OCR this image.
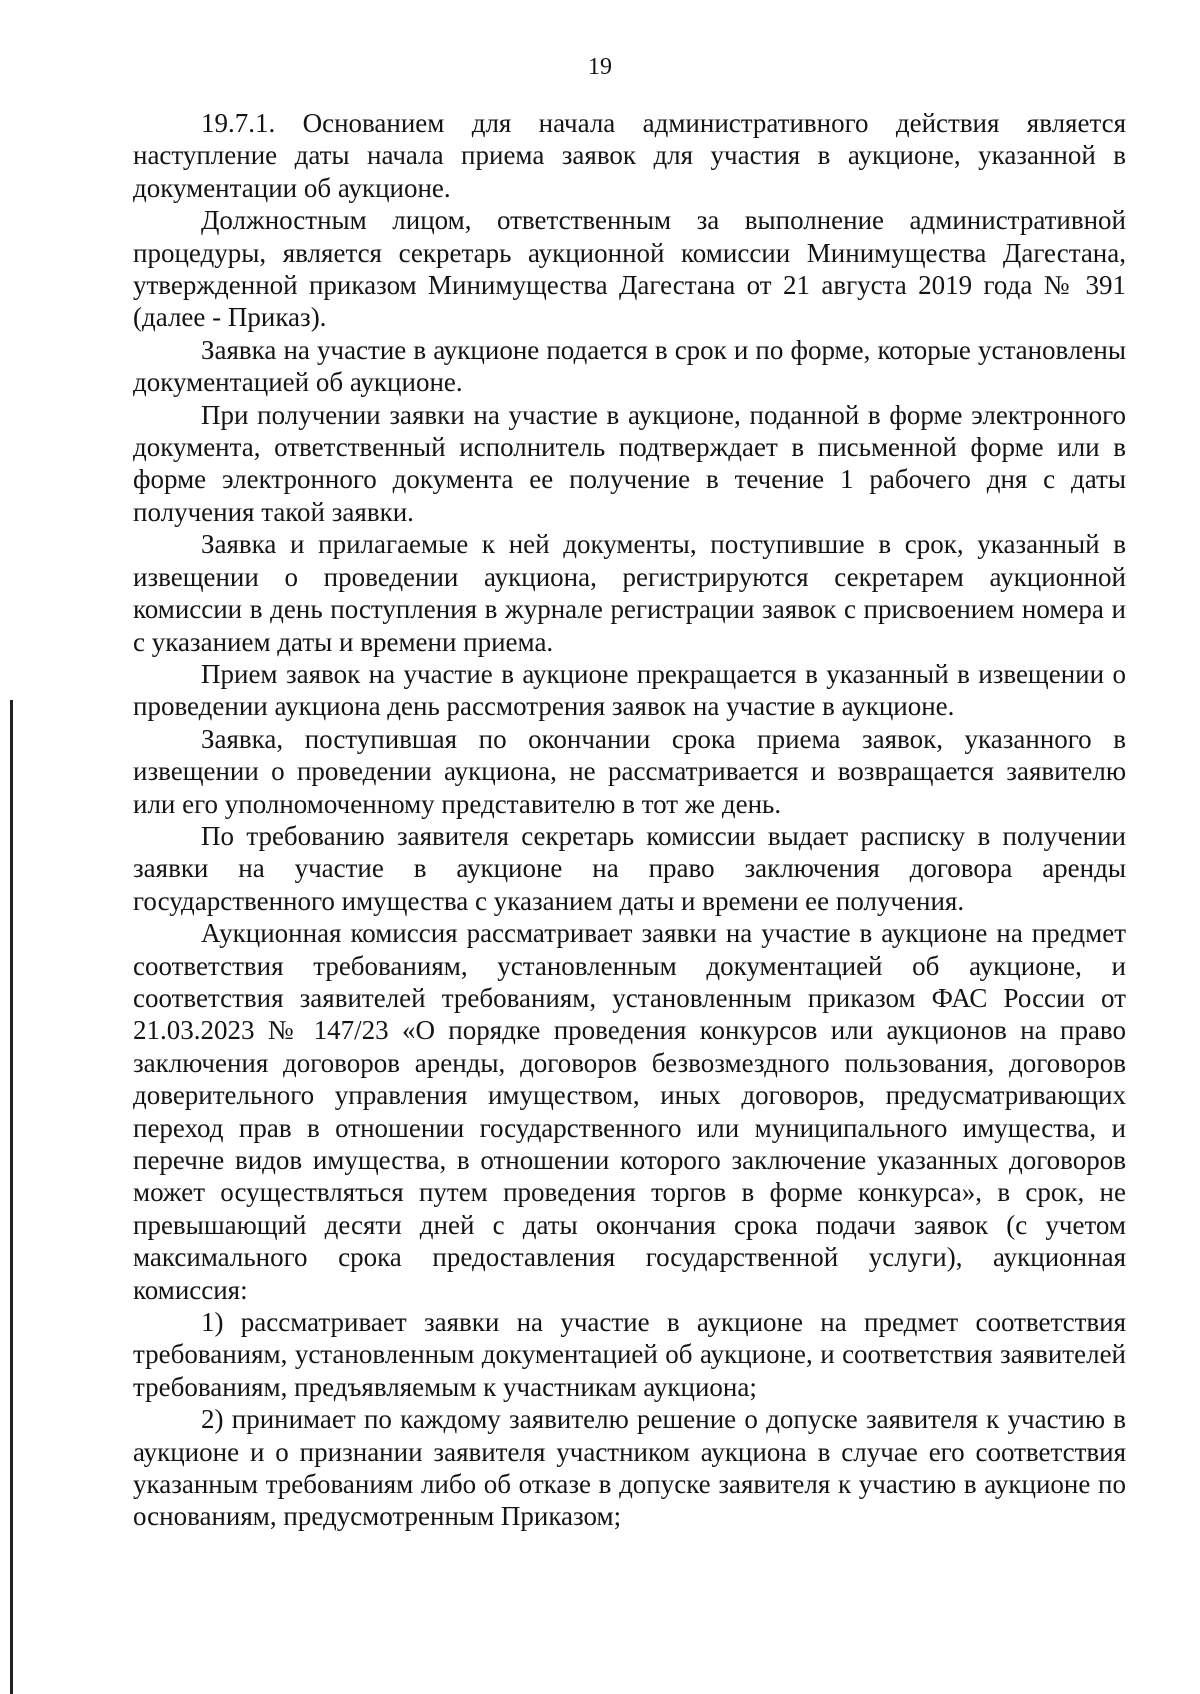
19

19.7.1. Основанием для начала административного действия является наступление даты начала приема заявок для участия в аукционе, указанной в документации об аукционе.

Должностным лицом, ответственным за выполнение административной процедуры, является секретарь аукционной комиссии Минимущества Дагестана, утвержденной приказом Минимущества Дагестана от 21 августа 2019 года № 391 (далее - Приказ).

Заявка на участие в аукционе подается в срок и по форме, которые установлены документацией об аукционе.

При получении заявки на участие в аукционе, поданной в форме электронного документа, ответственный исполнитель подтверждает в письменной форме или в форме электронного документа ее получение в течение 1 рабочего дня с даты получения такой заявки.

Заявка и прилагаемые к ней документы, поступившие в срок, указанный в извещении о проведении аукциона, регистрируются секретарем аукционной комиссии в день поступления в журнале регистрации заявок с присвоением номера и с указанием даты и времени приема.

Прием заявок на участие в аукционе прекращается в указанный в извещении о проведении аукциона день рассмотрения заявок на участие в аукционе.

Заявка, поступившая по окончании срока приема заявок, указанного в извещении о проведении аукциона, не рассматривается и возвращается заявителю или его уполномоченному представителю в тот же день.

По требованию заявителя секретарь комиссии выдает расписку в получении заявки на участие в аукционе на право заключения договора аренды государственного имущества с указанием даты и времени ее получения.

Аукционная комиссия рассматривает заявки на участие в аукционе на предмет соответствия требованиям, установленным документацией об аукционе, и соответствия заявителей требованиям, установленным приказом ФАС России от 21.03.2023 № 147/23 «О порядке проведения конкурсов или аукционов на право заключения договоров аренды, договоров безвозмездного пользования, договоров доверительного управления имуществом, иных договоров, предусматривающих переход прав в отношении государственного или муниципального имущества, и перечне видов имущества, в отношении которого заключение указанных договоров может осуществляться путем проведения торгов в форме конкурса», в срок, не превышающий десяти дней с даты окончания срока подачи заявок (с учетом максимального срока предоставления государственной услуги), аукционная комиссия:

1) рассматривает заявки на участие в аукционе на предмет соответствия требованиям, установленным документацией об аукционе, и соответствия заявителей требованиям, предъявляемым к участникам аукциона;

2) принимает по каждому заявителю решение о допуске заявителя к участию в аукционе и о признании заявителя участником аукциона в случае его соответствия указанным требованиям либо об отказе в допуске заявителя к участию в аукционе по основаниям, предусмотренным Приказом;
